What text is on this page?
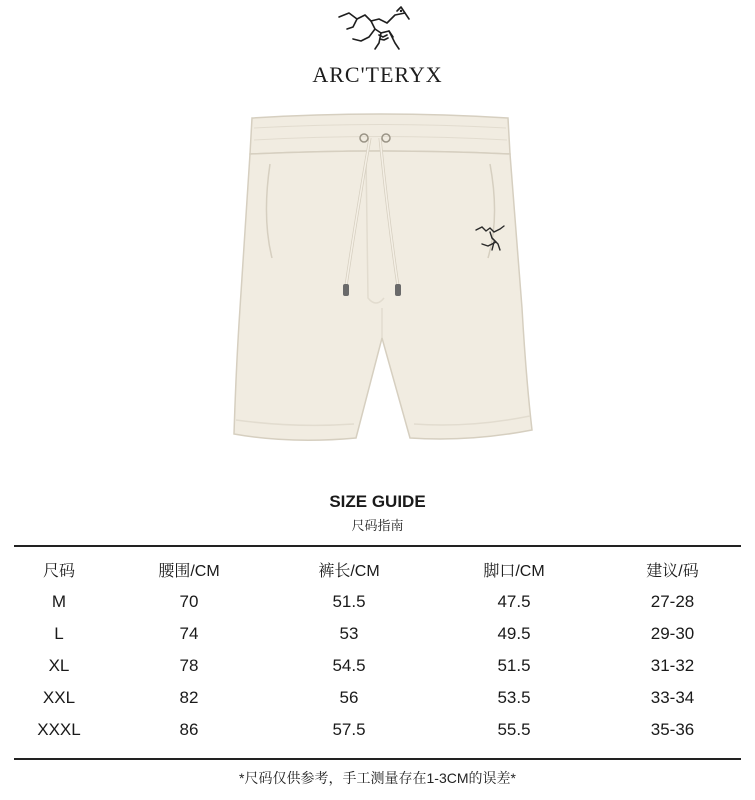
ARC'TERYX
SIZE GUIDE
尺码指南
尺码	腰围/CM	裤长/CM	脚口/CM	建议/码
M	70	51.5	47.5	27-28
L	74	53	49.5	29-30
XL	78	54.5	51.5	31-32
XXL	82	56	53.5	33-34
XXXL	86	57.5	55.5	35-36
*尺码仅供参考，手工测量存在1-3CM的误差*
